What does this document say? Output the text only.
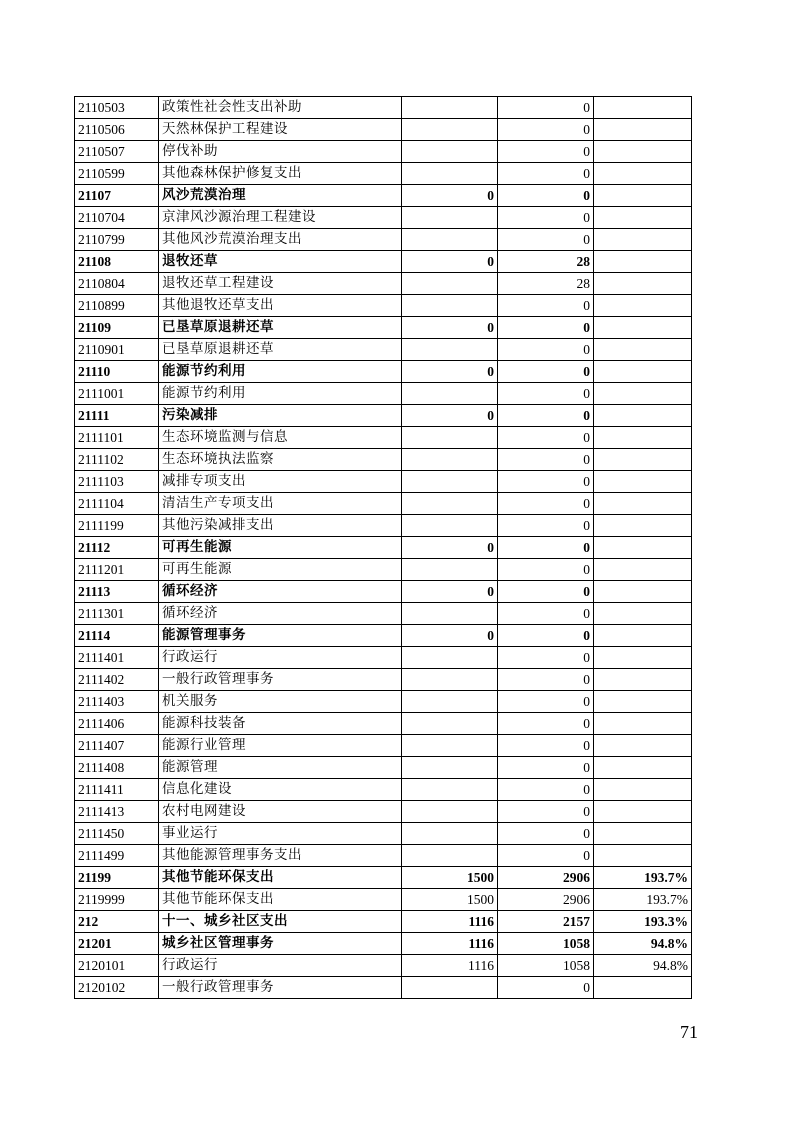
2110503	政策性社会性支出补助		0	
2110506	天然林保护工程建设		0	
2110507	停伐补助		0	
2110599	其他森林保护修复支出		0	
21107	风沙荒漠治理	0	0	
2110704	京津风沙源治理工程建设		0	
2110799	其他风沙荒漠治理支出		0	
21108	退牧还草	0	28	
2110804	退牧还草工程建设		28	
2110899	其他退牧还草支出		0	
21109	已垦草原退耕还草	0	0	
2110901	已垦草原退耕还草		0	
21110	能源节约利用	0	0	
2111001	能源节约利用		0	
21111	污染减排	0	0	
2111101	生态环境监测与信息		0	
2111102	生态环境执法监察		0	
2111103	减排专项支出		0	
2111104	清洁生产专项支出		0	
2111199	其他污染减排支出		0	
21112	可再生能源	0	0	
2111201	可再生能源		0	
21113	循环经济	0	0	
2111301	循环经济		0	
21114	能源管理事务	0	0	
2111401	行政运行		0	
2111402	一般行政管理事务		0	
2111403	机关服务		0	
2111406	能源科技装备		0	
2111407	能源行业管理		0	
2111408	能源管理		0	
2111411	信息化建设		0	
2111413	农村电网建设		0	
2111450	事业运行		0	
2111499	其他能源管理事务支出		0	
21199	其他节能环保支出	1500	2906	193.7%
2119999	其他节能环保支出	1500	2906	193.7%
212	十一、城乡社区支出	1116	2157	193.3%
21201	城乡社区管理事务	1116	1058	94.8%
2120101	行政运行	1116	1058	94.8%
2120102	一般行政管理事务		0	
71
